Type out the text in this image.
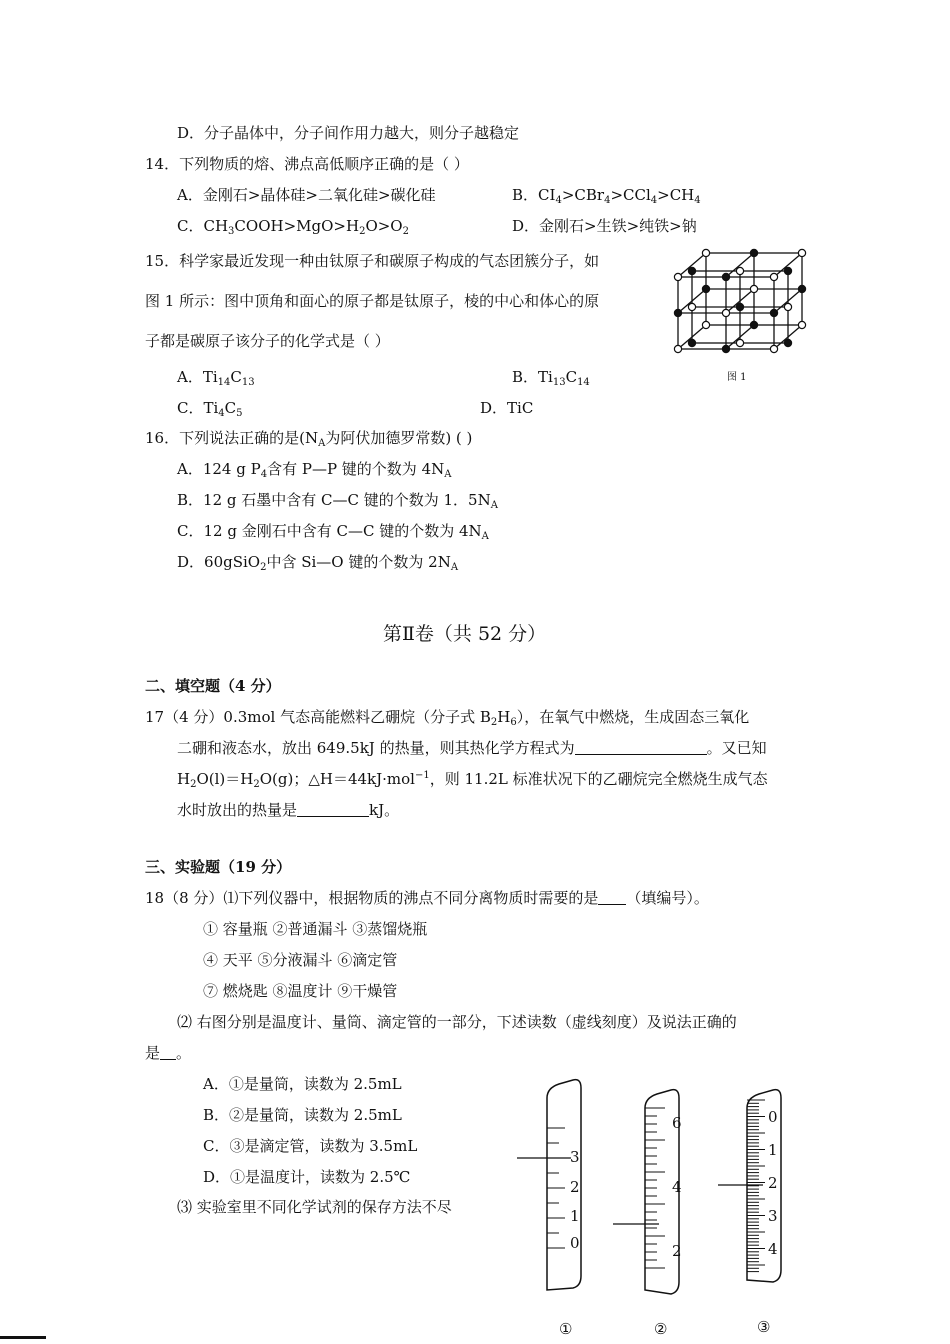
D．分子晶体中，分子间作用力越大，则分子越稳定
14．下列物质的熔、沸点高低顺序正确的是（ ）
A．金刚石>晶体硅>二氧化硅>碳化硅	B．$CI_4>CBr_4>CCl_4>CH_4$
C．$CH_3COOH>MgO>H_2O>O_2$	D．金刚石>生铁>纯铁>钠
15．科学家最近发现一种由钛原子和碳原子构成的气态团簇分子，如
图 1 所示：图中顶角和面心的原子都是钛原子，棱的中心和体心的原
子都是碳原子该分子的化学式是（ ）
A．$Ti_{14}C_{13}$	B．$Ti_{13}C_{14}$
C．$Ti_4C_5$	D．TiC
图 1
16．下列说法正确的是($N_A$为阿伏加德罗常数) ( )
A．124 g $P_4$含有 P—P 键的个数为 $4N_A$
B．12 g 石墨中含有 C—C 键的个数为 1．$5N_A$
C．12 g 金刚石中含有 C—C 键的个数为 $4N_A$
D．60gSiO$_2$中含 Si—O 键的个数为 $2N_A$
第Ⅱ卷（共 52 分）
二、填空题（4 分）
17（4 分）0.3mol 气态高能燃料乙硼烷（分子式 $B_2H_6$），在氧气中燃烧，生成固态三氧化
二硼和液态水，放出 649.5kJ 的热量，则其热化学方程式为	。又已知
$H_2O(l)=H_2O(g)$；△H＝44kJ·mol$^{-1}$，则 11.2L 标准状况下的乙硼烷完全燃烧生成气态
水时放出的热量是	kJ。
三、实验题（19 分）
18（8 分）⑴下列仪器中，根据物质的沸点不同分离物质时需要的是 （填编号）。
① 容量瓶 ②普通漏斗 ③蒸馏烧瓶
④ 天平 ⑤分液漏斗 ⑥滴定管
⑦ 燃烧匙 ⑧温度计 ⑨干燥管
⑵ 右图分别是温度计、量筒、滴定管的一部分，下述读数（虚线刻度）及说法正确的
是 。
A．①是量筒，读数为 2.5mL
B．②是量筒，读数为 2.5mL
C．③是滴定管，读数为 3.5mL
D．①是温度计，读数为 2.5℃
⑶ 实验室里不同化学试剂的保存方法不尽
3
2
1
0
6
4
2
0
1
2
3
4
①	②	③
